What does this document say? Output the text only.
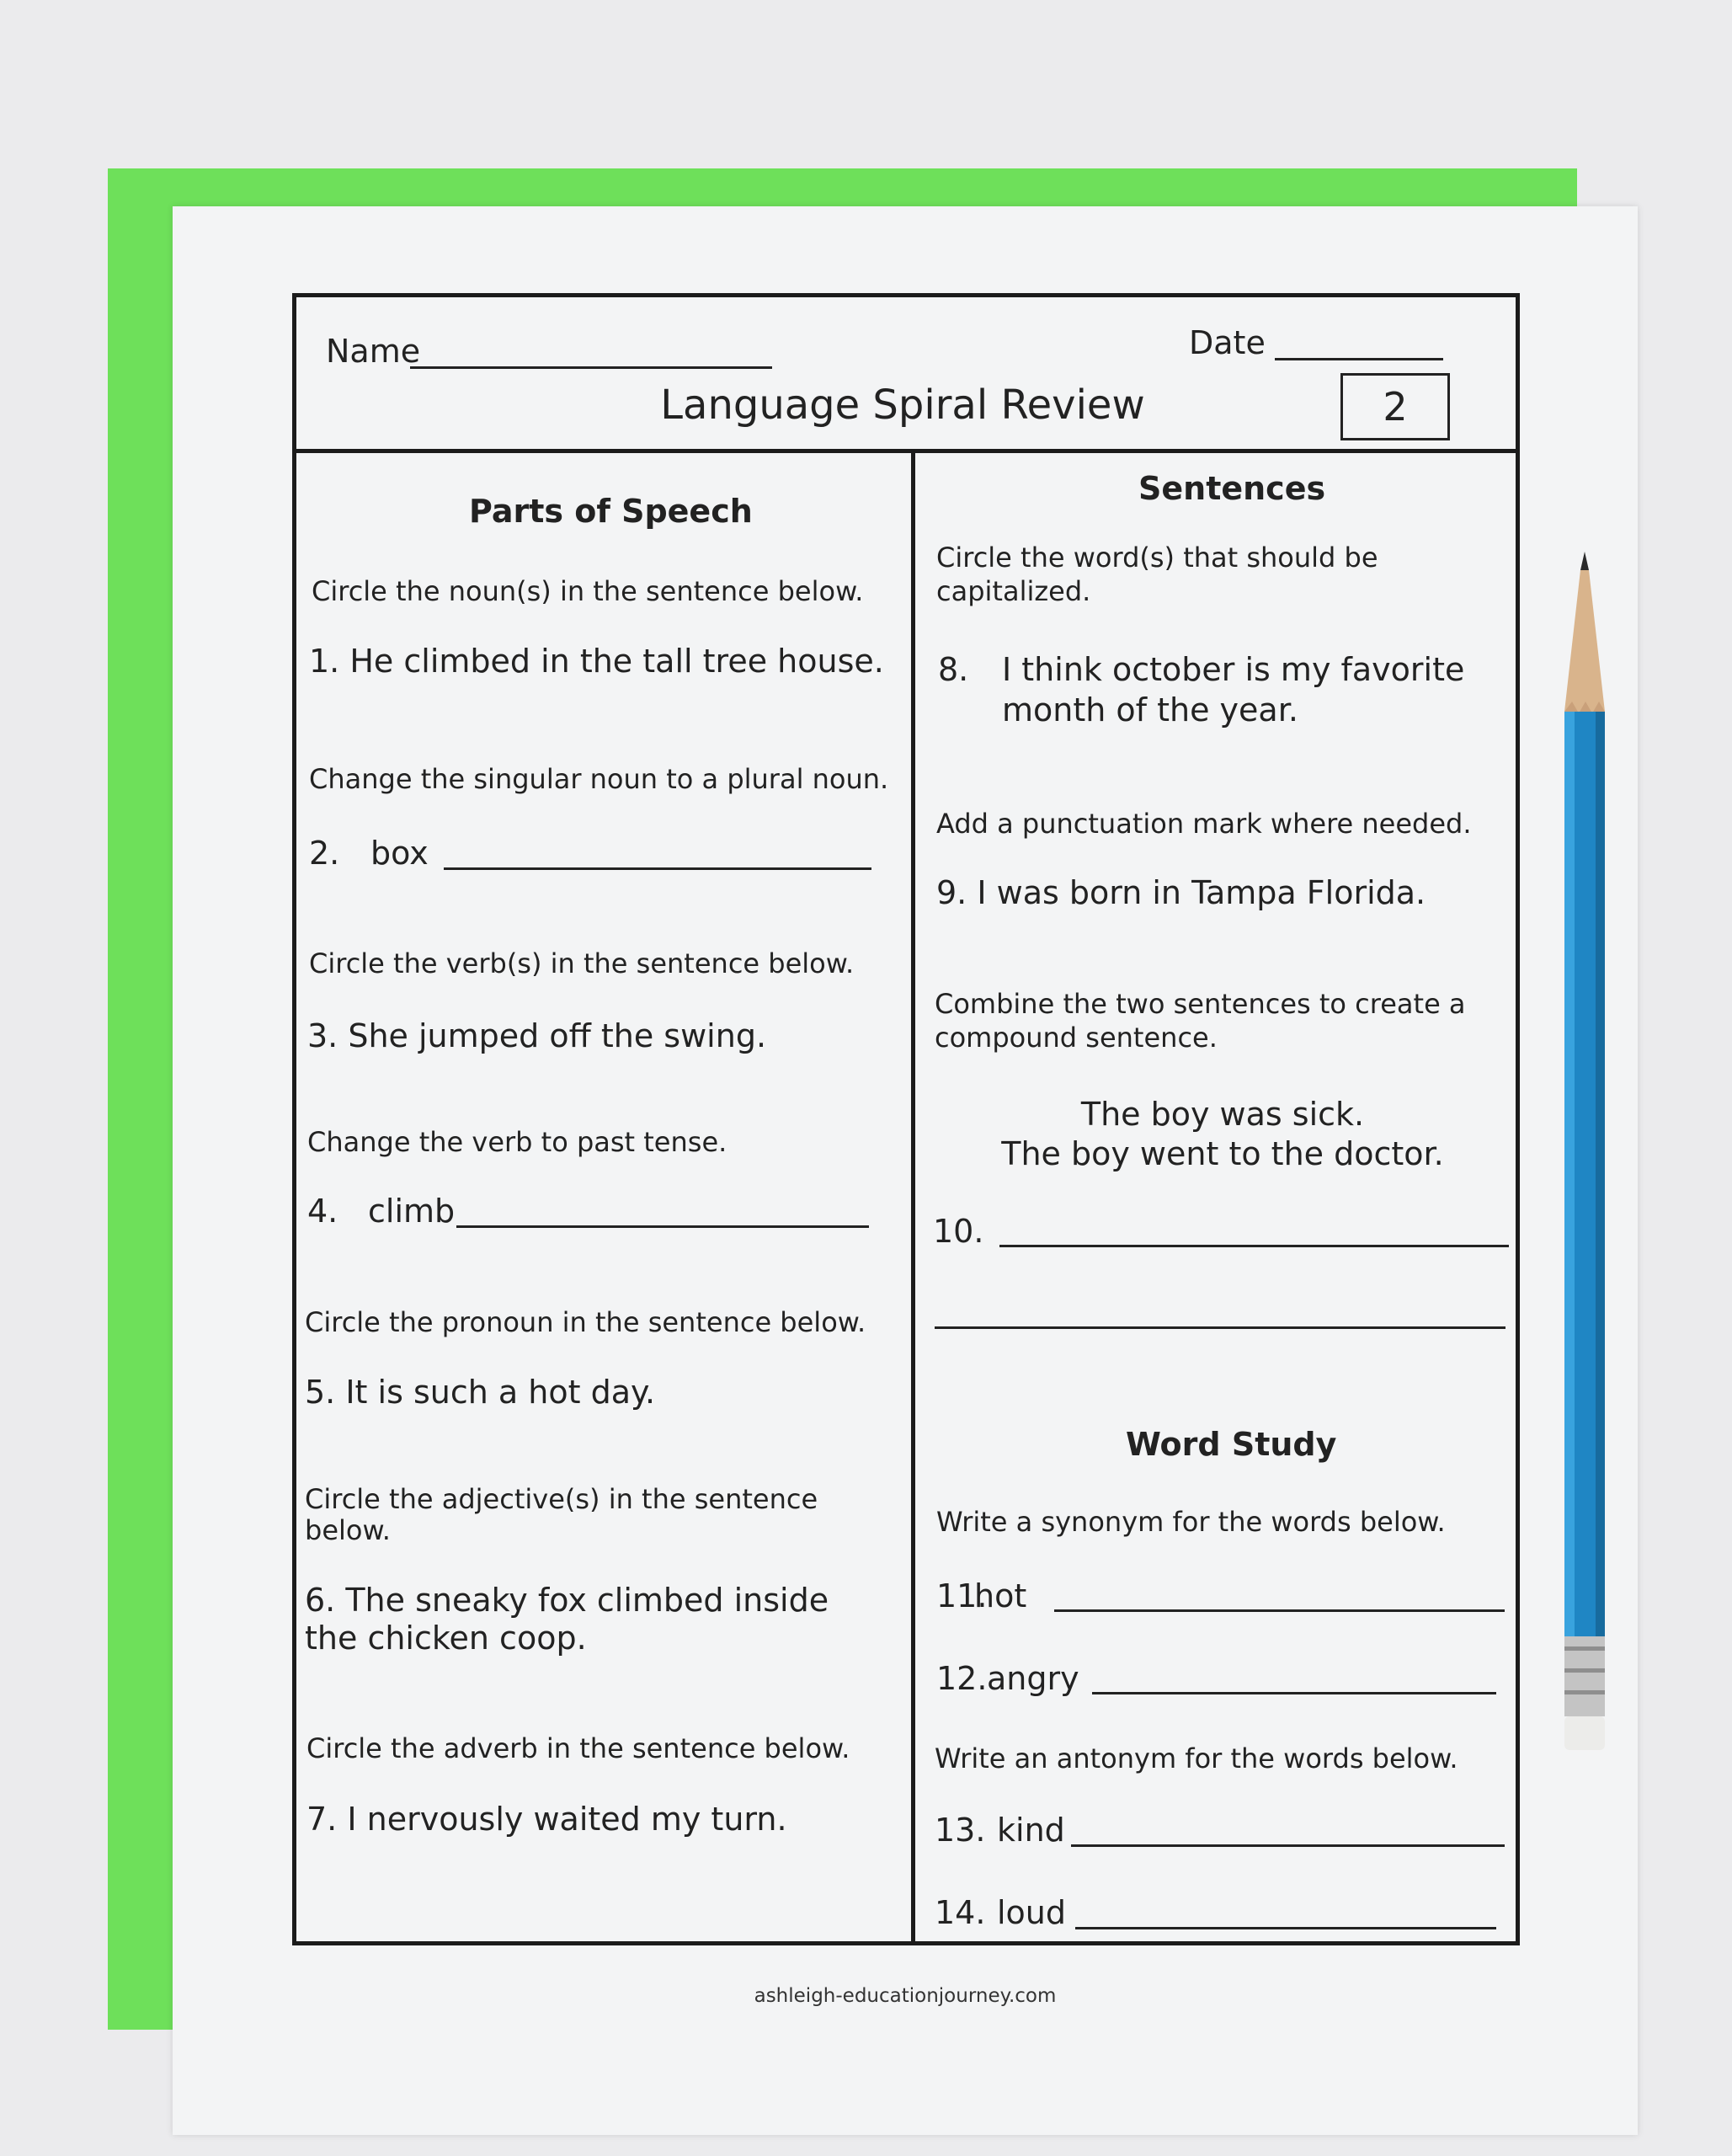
Name	Date
Language Spiral Review	2
Parts of Speech
Circle the noun(s) in the sentence below.
1. He climbed in the tall tree house.
Change the singular noun to a plural noun.
2. box
Circle the verb(s) in the sentence below.
3. She jumped off the swing.
Change the verb to past tense.
4. climb
Circle the pronoun in the sentence below.
5. It is such a hot day.
Circle the adjective(s) in the sentence
below.
6. The sneaky fox climbed inside
the chicken coop.
Circle the adverb in the sentence below.
7. I nervously waited my turn.
Sentences
Circle the word(s) that should be
capitalized.
8. I think october is my favorite
month of the year.
Add a punctuation mark where needed.
9. I was born in Tampa Florida.
Combine the two sentences to create a
compound sentence.
The boy was sick.
The boy went to the doctor.
10.
Word Study
Write a synonym for the words below.
11.
hot
12. angry
Write an antonym for the words below.
13. kind
14. loud
ashleigh-educationjourney.com
